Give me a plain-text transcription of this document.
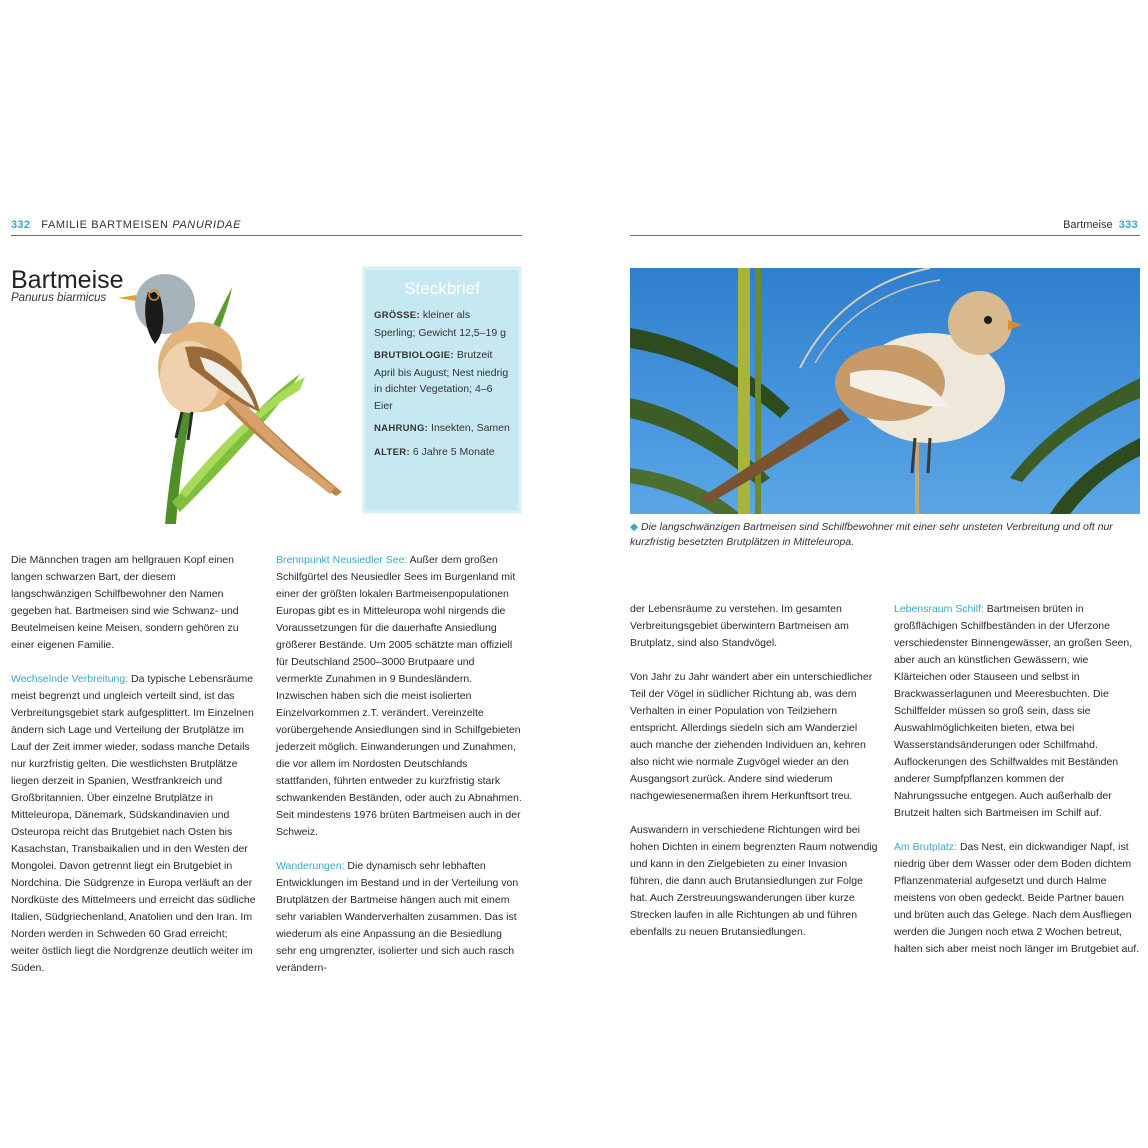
332 FAMILIE BARTMEISEN PANURIDAE	Bartmeise 333
Bartmeise
Panurus biarmicus	Steckbrief
GRÖSSE: kleiner als Sperling; Gewicht 12,5–19 g
BRUTBIOLOGIE: Brutzeit April bis August; Nest niedrig in dichter Vegetation; 4–6 Eier
NAHRUNG: Insekten, Samen
ALTER: 6 Jahre 5 Monate
◆ Die langschwänzigen Bartmeisen sind Schilfbewohner mit einer sehr unsteten Verbreitung und oft nur kurzfristig besetzten Brutplätzen in Mitteleuropa.

Die Männchen tragen am hellgrauen Kopf einen langen schwarzen Bart, der diesem langschwänzigen Schilfbewohner den Namen gegeben hat. Bartmeisen sind wie Schwanz- und Beutelmeisen keine Meisen, sondern gehören zu einer eigenen Familie.

Wechselnde Verbreitung: Da typische Lebensräume meist begrenzt und ungleich verteilt sind, ist das Verbreitungsgebiet stark aufgesplittert. Im Einzelnen ändern sich Lage und Verteilung der Brutplätze im Lauf der Zeit immer wieder, sodass manche Details nur kurzfristig gelten. Die westlichsten Brutplätze liegen derzeit in Spanien, Westfrankreich und Großbritannien. Über einzelne Brutplätze in Mitteleuropa, Dänemark, Südskandinavien und Osteuropa reicht das Brutgebiet nach Osten bis Kasachstan, Transbaikalien und in den Westen der Mongolei. Davon getrennt liegt ein Brutgebiet in Nordchina. Die Südgrenze in Europa verläuft an der Nordküste des Mittelmeers und erreicht das südliche Italien, Südgriechenland, Anatolien und den Iran. Im Norden werden in Schweden 60 Grad erreicht; weiter östlich liegt die Nordgrenze deutlich weiter im Süden.

Brennpunkt Neusiedler See: Außer dem großen Schilfgürtel des Neusiedler Sees im Burgenland mit einer der größten lokalen Bartmeisenpopulationen Europas gibt es in Mitteleuropa wohl nirgends die Voraussetzungen für die dauerhafte Ansiedlung größerer Bestände. Um 2005 schätzte man offiziell für Deutschland 2500–3000 Brutpaare und vermerkte Zunahmen in 9 Bundesländern. Inzwischen haben sich die meist isolierten Einzelvorkommen z.T. verändert. Vereinzelte vorübergehende Ansiedlungen sind in Schilfgebieten jederzeit möglich. Einwanderungen und Zunahmen, die vor allem im Nordosten Deutschlands stattfanden, führten entweder zu kurzfristig stark schwankenden Beständen, oder auch zu Abnahmen. Seit mindestens 1976 brüten Bartmeisen auch in der Schweiz.

Wanderungen: Die dynamisch sehr lebhaften Entwicklungen im Bestand und in der Verteilung von Brutplätzen der Bartmeise hängen auch mit einem sehr variablen Wanderverhalten zusammen. Das ist wiederum als eine Anpassung an die Besiedlung sehr eng umgrenzter, isolierter und sich auch rasch verändern-

der Lebensräume zu verstehen. Im gesamten Verbreitungsgebiet überwintern Bartmeisen am Brutplatz, sind also Standvögel.

Von Jahr zu Jahr wandert aber ein unterschiedlicher Teil der Vögel in südlicher Richtung ab, was dem Verhalten in einer Population von Teilziehern entspricht. Allerdings siedeln sich am Wanderziel auch manche der ziehenden Individuen an, kehren also nicht wie normale Zugvögel wieder an den Ausgangsort zurück. Andere sind wiederum nachgewiesenermaßen ihrem Herkunftsort treu.

Auswandern in verschiedene Richtungen wird bei hohen Dichten in einem begrenzten Raum notwendig und kann in den Zielgebieten zu einer Invasion führen, die dann auch Brutansiedlungen zur Folge hat. Auch Zerstreuungswanderungen über kurze Strecken laufen in alle Richtungen ab und führen ebenfalls zu neuen Brutansiedlungen.

Lebensraum Schilf: Bartmeisen brüten in großflächigen Schilfbeständen in der Uferzone verschiedenster Binnengewässer, an großen Seen, aber auch an künstlichen Gewässern, wie Klärteichen oder Stauseen und selbst in Brackwasserlagunen und Meeresbuchten. Die Schilffelder müssen so groß sein, dass sie Auswahlmöglichkeiten bieten, etwa bei Wasserstandsänderungen oder Schilfmahd. Auflockerungen des Schilfwaldes mit Beständen anderer Sumpfpflanzen kommen der Nahrungssuche entgegen. Auch außerhalb der Brutzeit halten sich Bartmeisen im Schilf auf.

Am Brutplatz: Das Nest, ein dickwandiger Napf, ist niedrig über dem Wasser oder dem Boden dichtem Pflanzenmaterial aufgesetzt und durch Halme meistens von oben gedeckt. Beide Partner bauen und brüten auch das Gelege. Nach dem Ausfliegen werden die Jungen noch etwa 2 Wochen betreut, halten sich aber meist noch länger im Brutgebiet auf.
